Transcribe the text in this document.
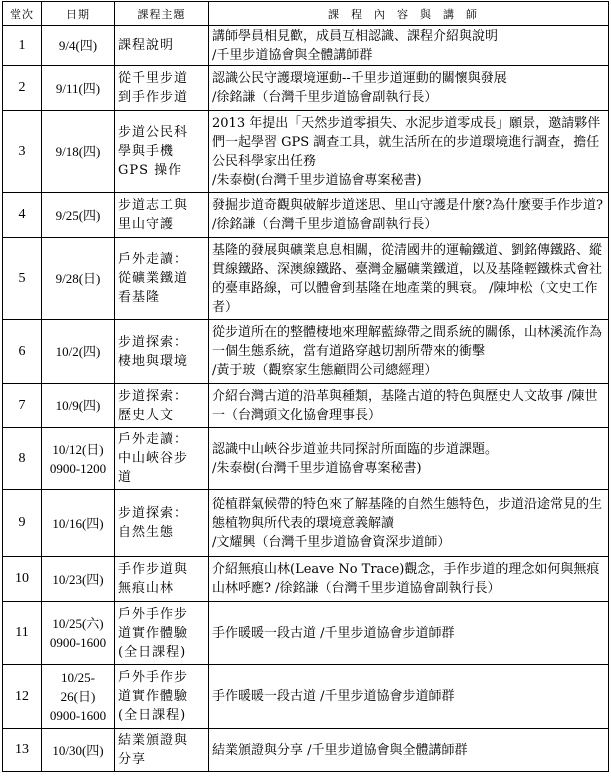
堂次	日期	課程主題	課程內容與講師
1	9/4(四)	課程說明	講師學員相見歡，成員互相認識、課程介紹與說明
/千里步道協會與全體講師群
2	9/11(四)	從千里步道
到手作步道	認識公民守護環境運動--千里步道運動的關懷與發展
/徐銘謙（台灣千里步道協會副執行長）
3	9/18(四)	步道公民科
學與手機
GPS 操作	2013 年提出「天然步道零損失、水泥步道零成長」願景，邀請夥伴們一起學習 GPS 調查工具，就生活所在的步道環境進行調查，擔任公民科學家出任務
/朱泰樹(台灣千里步道協會專案秘書)
4	9/25(四)	步道志工與
里山守護	發掘步道奇觀與破解步道迷思、里山守護是什麼?為什麼要手作步道? /徐銘謙（台灣千里步道協會副執行長）
5	9/28(日)	戶外走讀：
從礦業鐵道
看基隆	基隆的發展與礦業息息相關，從清國井的運輸鐵道、劉銘傳鐵路、縱貫線鐵路、深澳線鐵路、臺灣金屬礦業鐵道，以及基隆輕鐵株式會社的臺車路線，可以體會到基隆在地產業的興衰。 /陳坤松（文史工作者）
6	10/2(四)	步道探索：
棲地與環境	從步道所在的整體棲地來理解藍綠帶之間系統的關係，山林溪流作為一個生態系統，當有道路穿越切割所帶來的衝擊
/黃于玻（觀察家生態顧問公司總經理）
7	10/9(四)	步道探索：
歷史人文	介紹台灣古道的沿革與種類，基隆古道的特色與歷史人文故事 /陳世一（台灣頭文化協會理事長）
8	10/12(日)
0900-1200	戶外走讀：
中山峽谷步
道	認識中山峽谷步道並共同探討所面臨的步道課題。
/朱泰樹(台灣千里步道協會專案秘書)
9	10/16(四)	步道探索：
自然生態	從植群氣候帶的特色來了解基隆的自然生態特色，步道沿途常見的生態植物與所代表的環境意義解讀
/文耀興（台灣千里步道協會資深步道師）
10	10/23(四)	手作步道與
無痕山林	介紹無痕山林(Leave No Trace)觀念，手作步道的理念如何與無痕山林呼應? /徐銘謙（台灣千里步道協會副執行長）
11	10/25(六)
0900-1600	戶外手作步
道實作體驗
(全日課程)	手作暖暖一段古道 /千里步道協會步道師群
12	10/25-
26(日)
0900-1600	戶外手作步
道實作體驗
(全日課程)	手作暖暖一段古道 /千里步道協會步道師群
13	10/30(四)	結業頒證與
分享	結業頒證與分享 /千里步道協會與全體講師群
